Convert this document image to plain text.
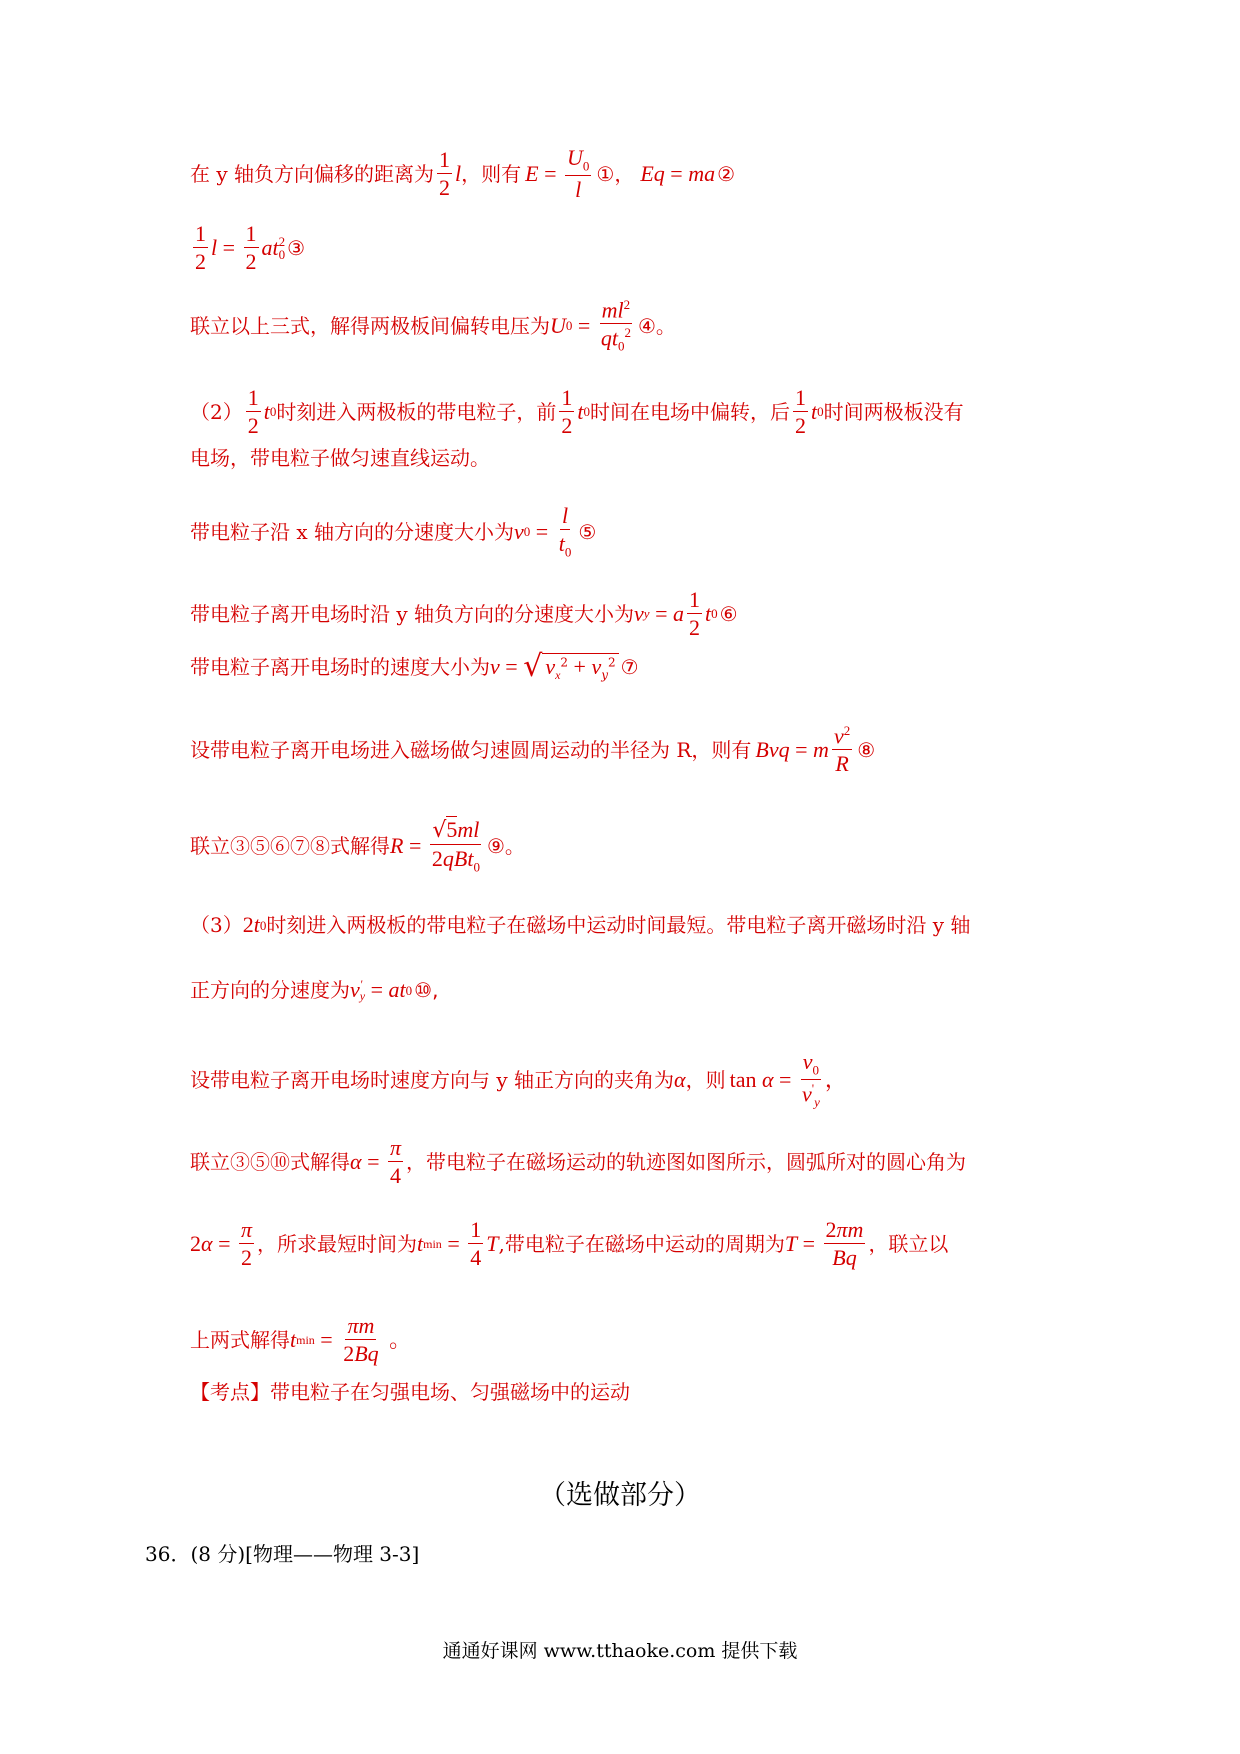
在 y 轴负方向偏移的距离为 $\frac{1}{2}$ l ，则有 $E = \frac{U_0}{l}$ ①， Eq = ma ②
$\frac{1}{2}$ $l = \frac{1}{2}$ at 2
0 ③
联立以上三式，解得两极板间偏转电压为 U $0 = \frac{ml^2}{qt_0^2}$ ④。
$(2) \frac{1}{2}$ t 0 时刻进入两极板的带电粒子，前 $\frac{1}{2}$ t 0 时间在电场中偏转，后 $\frac{1}{2}$ t 0 时间两极板没有
电场，带电粒子做匀速直线运动。
带电粒子沿 x 轴方向的分速度大小为 v $0 = \frac{l}{t_0}$ ⑤
带电粒子离开电场时沿 y 轴负方向的分速度大小为 v y = a $\frac{1}{2}$ t 0 ⑥
带电粒子离开电场时的速度大小为 v = √ $v_x^2 + v_y^2$ ⑦
设带电粒子离开电场进入磁场做匀速圆周运动的半径为 R，则有 Bvq = m $\frac{v^2}{R}$ ⑧
联立③⑤⑥⑦⑧式解得 $R = \frac{√5ml}{2qBt_0}$ ⑨。
（3） 2 t 0 时刻进入两极板的带电粒子在磁场中运动时间最短。带电粒子离开磁场时沿 y 轴
正方向的分速度为 v '
y = at 0 ⑩,
设带电粒子离开电场时速度方向与 y 轴正方向的夹角为 α ，则 $\tan \alpha = \frac{v_0}{v'_y}$ ，
联立③⑤⑩式解得 $\alpha = \frac{\pi}{4}$ ，带电粒子在磁场运动的轨迹图如图所示，圆弧所对的圆心角为
2 $\alpha = \frac{\pi}{2}$ ，所求最短时间为 t $\min = \frac{1}{4}$ T ,带电粒子在磁场中运动的周期为 $T = \frac{2\pi m}{Bq}$ ，联立以
上两式解得 t $\min = \frac{\pi m}{2Bq}$ 。
【考点】 带电粒子在匀强电场、匀强磁场中的运动
（选做部分）
36．(8 分)[物理——物理 3-3]
通通好课网 www.tthaoke.com 提供下载
